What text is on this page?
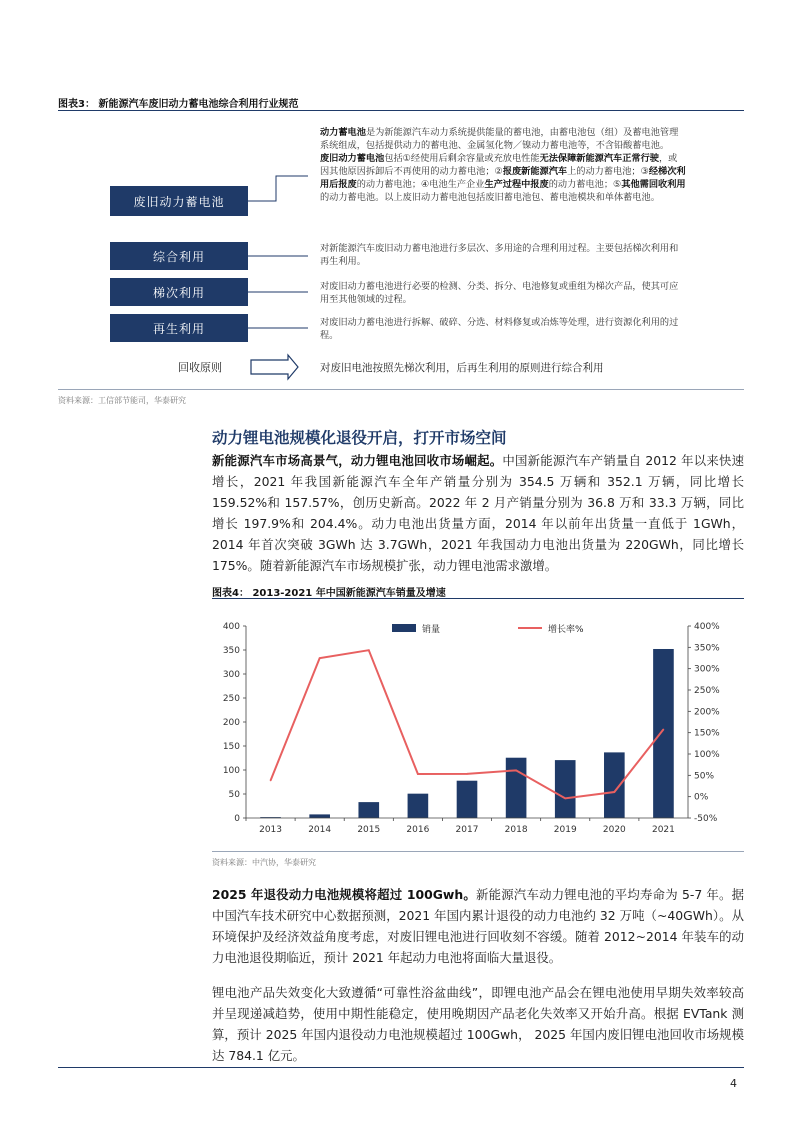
图表3： 新能源汽车废旧动力蓄电池综合利用行业规范
废旧动力蓄电池
综合利用
梯次利用
再生利用
回收原则
动力蓄电池是为新能源汽车动力系统提供能量的蓄电池，由蓄电池包（组）及蓄电池管理系统组成，包括提供动力的蓄电池、金属氢化物／镍动力蓄电池等，不含铅酸蓄电池。
废旧动力蓄电池包括①经使用后剩余容量或充放电性能无法保障新能源汽车正常行驶，或因其他原因拆卸后不再使用的动力蓄电池；②报废新能源汽车上的动力蓄电池；③经梯次利用后报废的动力蓄电池；④电池生产企业生产过程中报废的动力蓄电池；⑤其他需回收利用的动力蓄电池。以上废旧动力蓄电池包括废旧蓄电池包、蓄电池模块和单体蓄电池。
对新能源汽车废旧动力蓄电池进行多层次、多用途的合理利用过程。主要包括梯次利用和再生利用。
对废旧动力蓄电池进行必要的检测、分类、拆分、电池修复或重组为梯次产品，使其可应用至其他领域的过程。
对废旧动力蓄电池进行拆解、破碎、分选、材料修复或冶炼等处理，进行资源化利用的过程。
对废旧电池按照先梯次利用，后再生利用的原则进行综合利用
资料来源：工信部节能司，华泰研究
动力锂电池规模化退役开启，打开市场空间
新能源汽车市场高景气，动力锂电池回收市场崛起。中国新能源汽车产销量自 2012 年以来快速增长，2021 年我国新能源汽车全年产销量分别为 354.5 万辆和 352.1 万辆，同比增长 159.52%和 157.57%，创历史新高。2022 年 2 月产销量分别为 36.8 万和 33.3 万辆，同比增长 197.9%和 204.4%。动力电池出货量方面，2014 年以前年出货量一直低于 1GWh，2014 年首次突破 3GWh 达 3.7GWh，2021 年我国动力电池出货量为 220GWh，同比增长 175%。随着新能源汽车市场规模扩张，动力锂电池需求激增。
图表4： 2013-2021 年中国新能源汽车销量及增速
0
50
100
150
200
250
300
350
400
-50%
0%
50%
100%
150%
200%
250%
300%
350%
400%
2013	2014	2015	2016	2017	2018	2019	2020	2021
销量	增长率%
资料来源：中汽协，华泰研究
2025 年退役动力电池规模将超过 100Gwh。新能源汽车动力锂电池的平均寿命为 5-7 年。据中国汽车技术研究中心数据预测，2021 年国内累计退役的动力电池约 32 万吨（~40GWh）。从环境保护及经济效益角度考虑，对废旧锂电池进行回收刻不容缓。随着 2012~2014 年装车的动力电池退役期临近，预计 2021 年起动力电池将面临大量退役。
锂电池产品失效变化大致遵循“可靠性浴盆曲线”，即锂电池产品会在锂电池使用早期失效率较高并呈现递减趋势，使用中期性能稳定，使用晚期因产品老化失效率又开始升高。根据 EVTank 测算，预计 2025 年国内退役动力电池规模超过 100Gwh， 2025 年国内废旧锂电池回收市场规模达 784.1 亿元。
4
